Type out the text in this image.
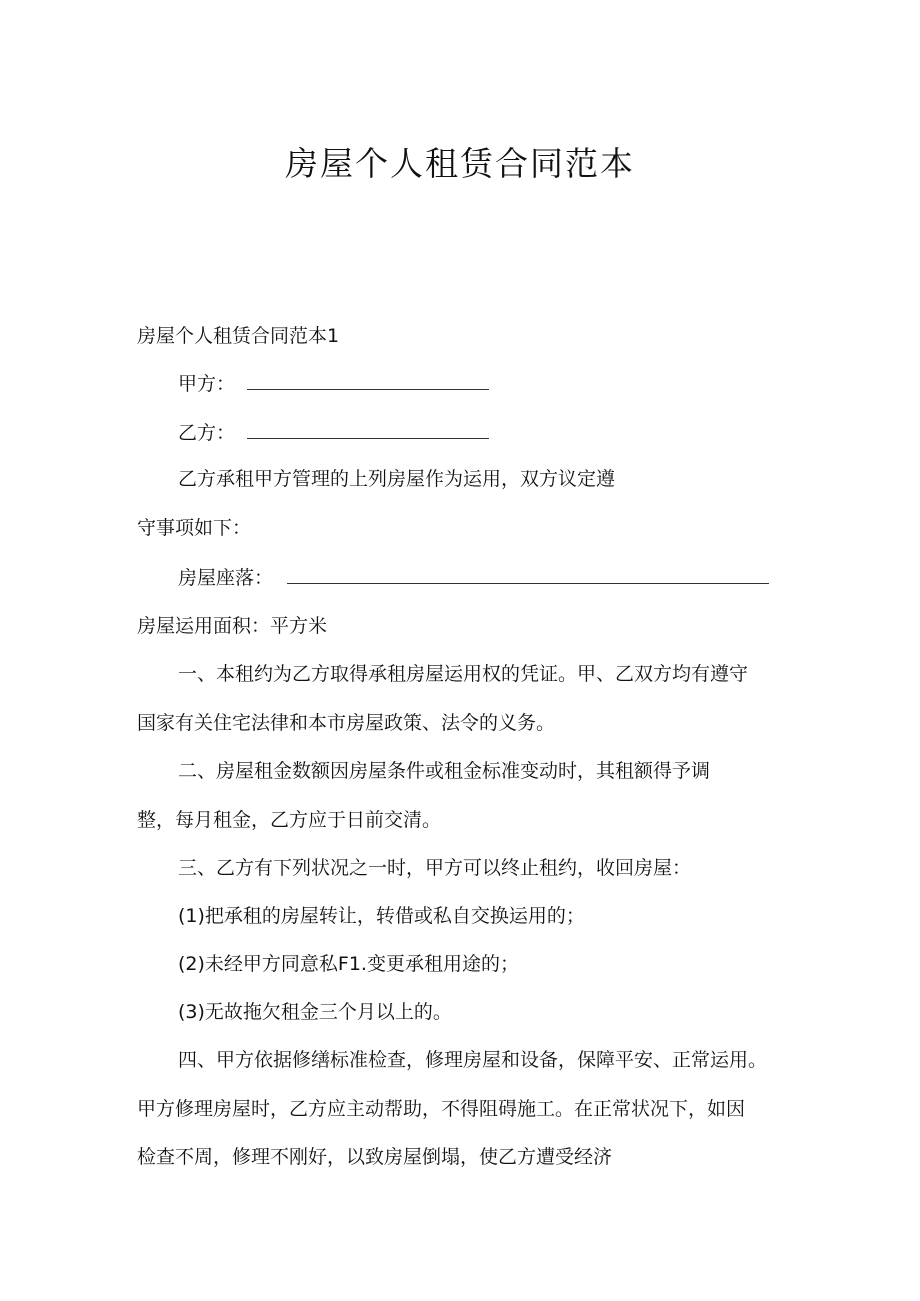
房屋个人租赁合同范本
房屋个人租赁合同范本1
甲方：
乙方：
乙方承租甲方管理的上列房屋作为运用，双方议定遵
守事项如下：
房屋座落：
房屋运用面积：平方米
一、本租约为乙方取得承租房屋运用权的凭证。甲、乙双方均有遵守
国家有关住宅法律和本市房屋政策、法令的义务。
二、房屋租金数额因房屋条件或租金标准变动时，其租额得予调
整，每月租金，乙方应于日前交清。
三、乙方有下列状况之一时，甲方可以终止租约，收回房屋：
(1)把承租的房屋转让，转借或私自交换运用的；
(2)未经甲方同意私F1.变更承租用途的；
(3)无故拖欠租金三个月以上的。
四、甲方依据修缮标准检查，修理房屋和设备，保障平安、正常运用。
甲方修理房屋时，乙方应主动帮助，不得阻碍施工。在正常状况下，如因
检查不周，修理不刚好，以致房屋倒塌，使乙方遭受经济
